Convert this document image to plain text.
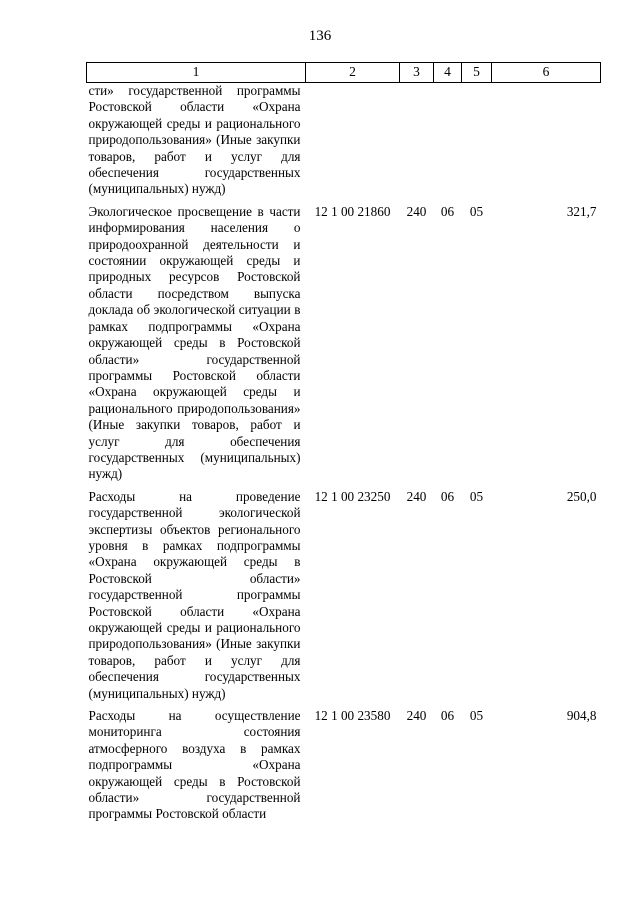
136
1	2	3	4	5	6
сти» государственной программы Ростовской области «Охрана окружающей среды и рационального природопользования» (Иные закупки товаров, работ и услуг для обеспечения государственных (муниципальных) нужд)					
Экологическое просвещение в части информирования населения о природоохранной деятельности и состоянии окружающей среды и природных ресурсов Ростовской области посредством выпуска доклада об экологической ситуации в рамках подпрограммы «Охрана окружающей среды в Ростовской области» государственной программы Ростовской области «Охрана окружающей среды и рационального природопользования» (Иные закупки товаров, работ и услуг для обеспечения государственных (муниципальных) нужд)	12 1 00 21860	240	06	05	321,7
Расходы на проведение государственной экологической экспертизы объектов регионального уровня в рамках подпрограммы «Охрана окружающей среды в Ростовской области» государственной программы Ростовской области «Охрана окружающей среды и рационального природопользования» (Иные закупки товаров, работ и услуг для обеспечения государственных (муниципальных) нужд)	12 1 00 23250	240	06	05	250,0
Расходы на осуществление мониторинга состояния атмосферного воздуха в рамках подпрограммы «Охрана окружающей среды в Ростовской области» государственной программы Ростовской области	12 1 00 23580	240	06	05	904,8
